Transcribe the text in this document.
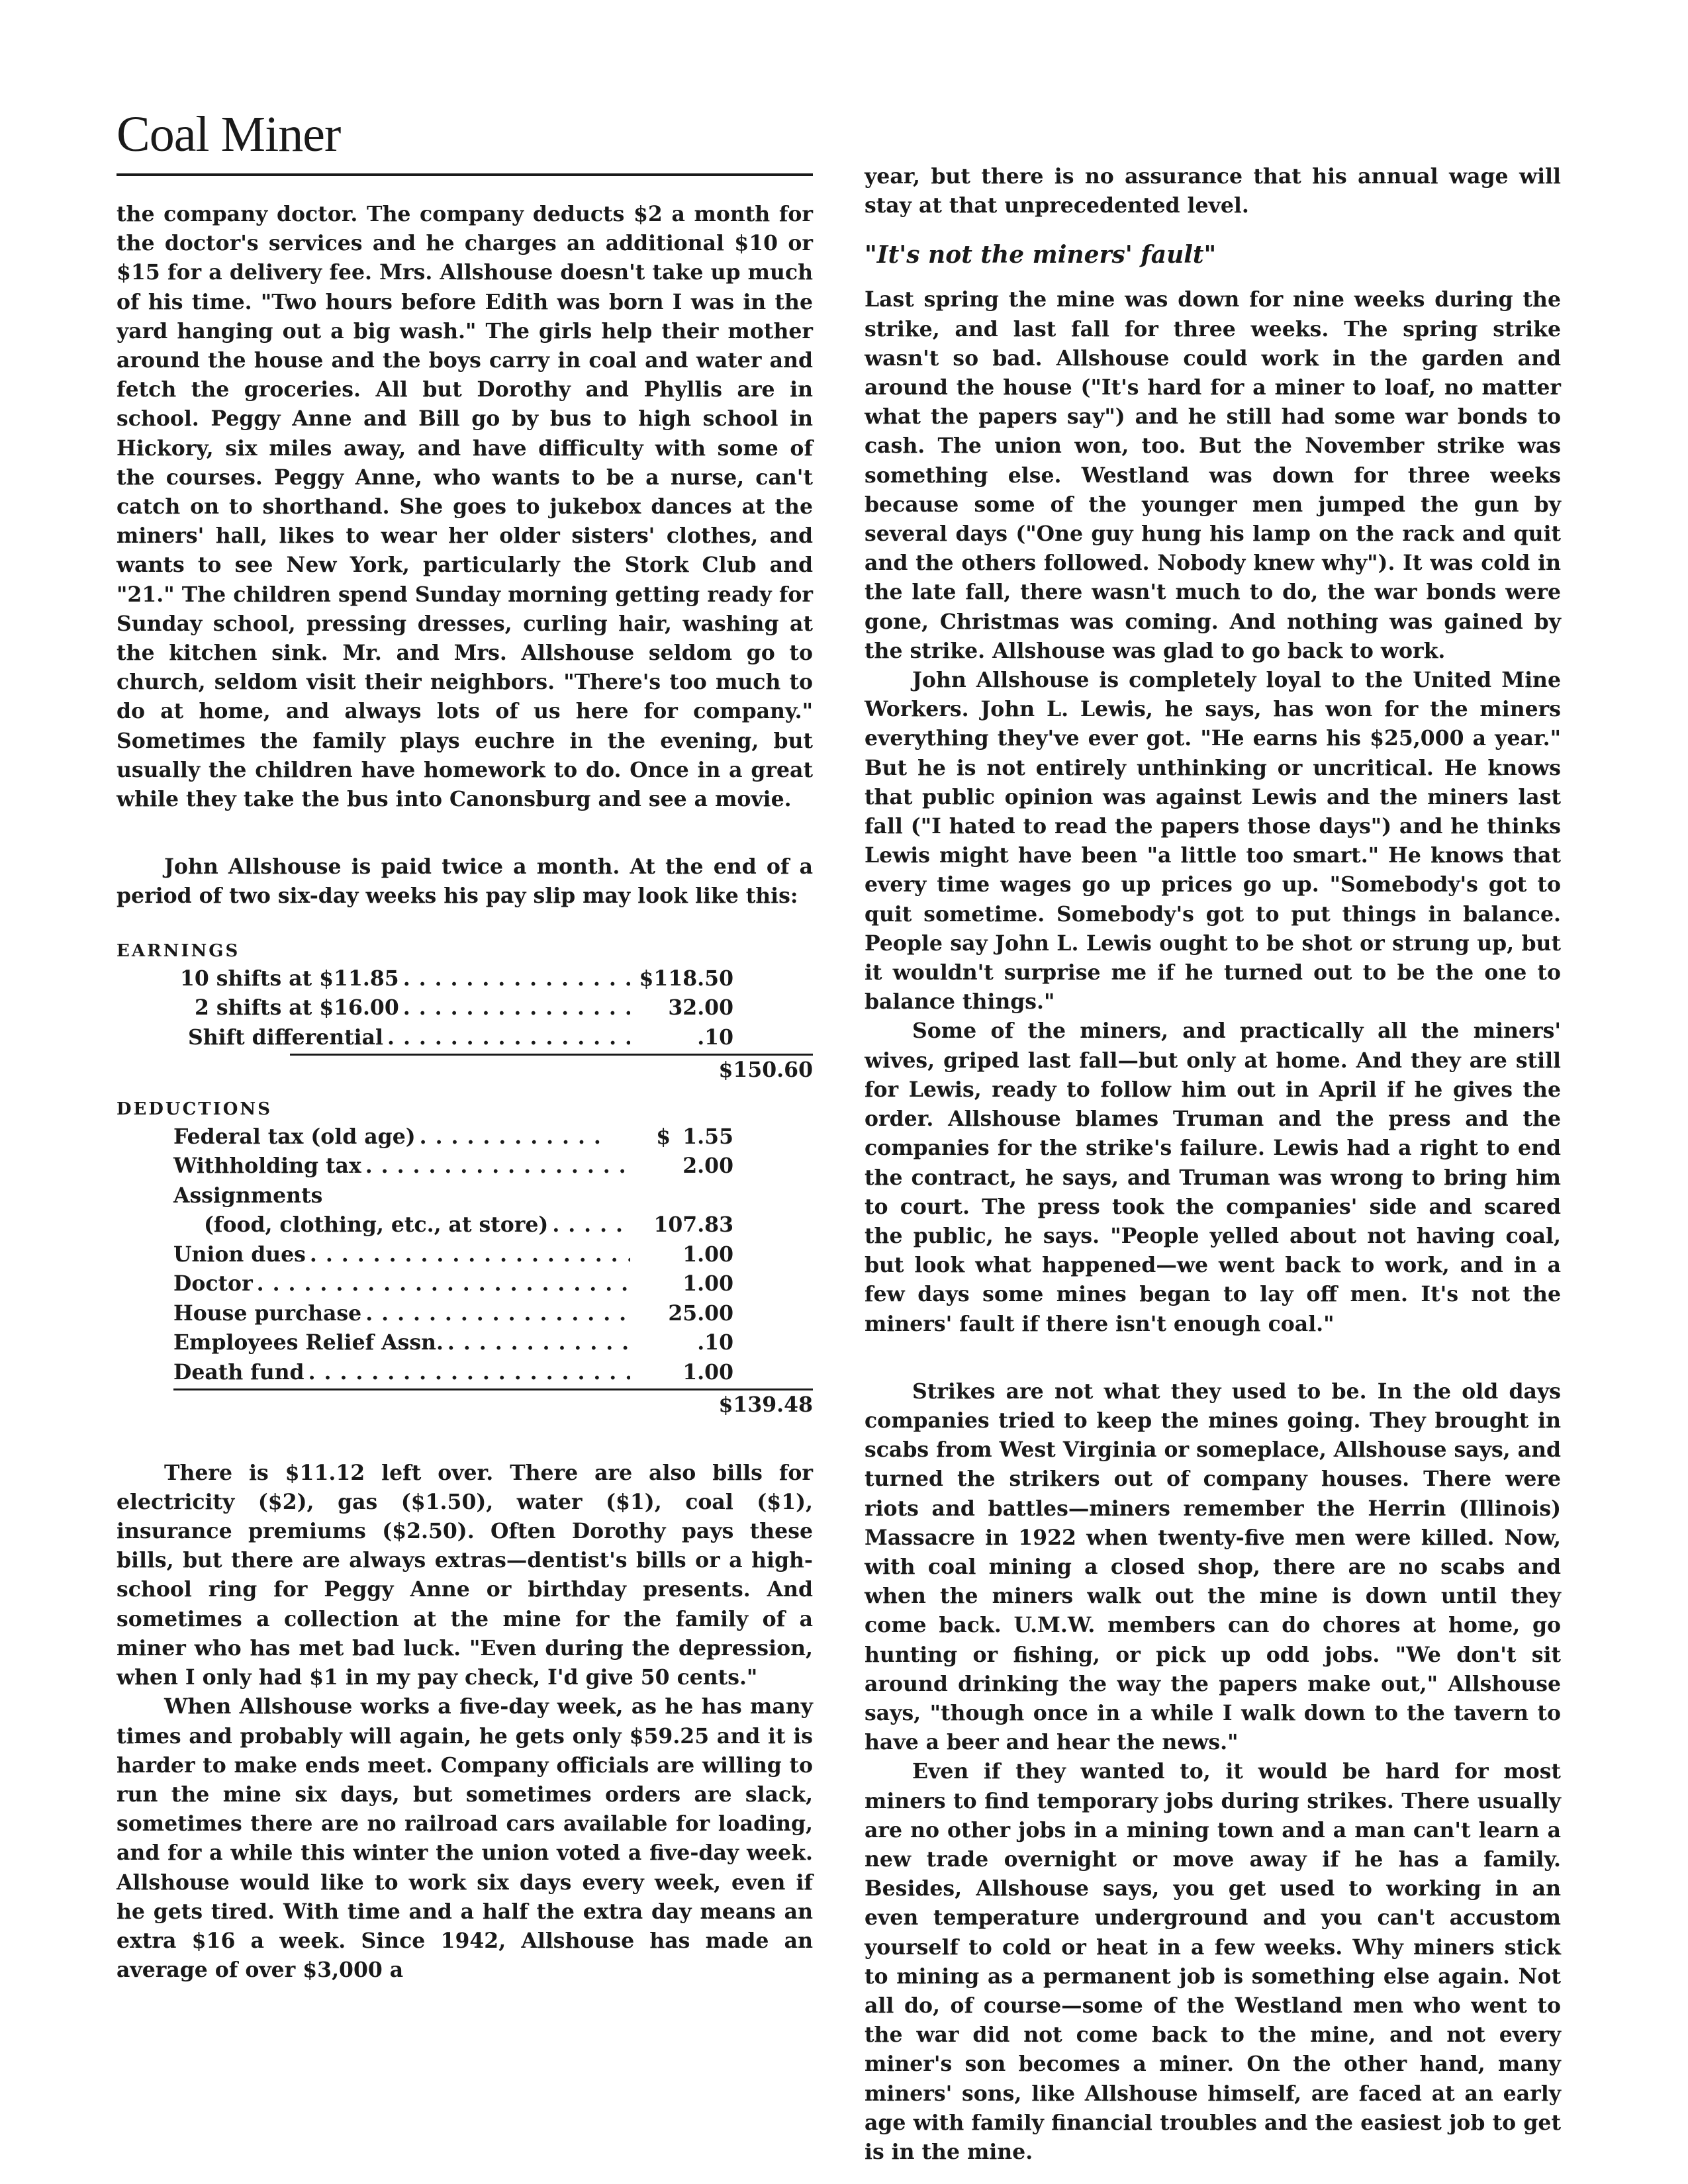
Coal Miner

the company doctor. The company deducts $2 a month for the doctor's services and he charges an additional $10 or $15 for a delivery fee. Mrs. Allshouse doesn't take up much of his time. "Two hours before Edith was born I was in the yard hanging out a big wash." The girls help their mother around the house and the boys carry in coal and water and fetch the groceries. All but Dorothy and Phyllis are in school. Peggy Anne and Bill go by bus to high school in Hickory, six miles away, and have difficulty with some of the courses. Peggy Anne, who wants to be a nurse, can't catch on to shorthand. She goes to jukebox dances at the miners' hall, likes to wear her older sisters' clothes, and wants to see New York, particularly the Stork Club and "21." The children spend Sunday morning getting ready for Sunday school, pressing dresses, curling hair, washing at the kitchen sink. Mr. and Mrs. Allshouse seldom go to church, seldom visit their neighbors. "There's too much to do at home, and always lots of us here for company." Sometimes the family plays euchre in the evening, but usually the children have homework to do. Once in a great while they take the bus into Canonsburg and see a movie.

John Allshouse is paid twice a month. At the end of a period of two six-day weeks his pay slip may look like this:

EARNINGS
10 shifts at $11.85 . . .	$118.50
2 shifts at $16.00 . . .	32.00
Shift differential . . .	.10
$150.60
DEDUCTIONS
Federal tax (old age) . . .	$ 1.55
Withholding tax . . .	2.00
Assignments
(food, clothing, etc., at store) . . .	107.83
Union dues . . .	1.00
Doctor . . .	1.00
House purchase . . .	25.00
Employees Relief Assn. . . .	.10
Death fund . . .	1.00
$139.48

There is $11.12 left over. There are also bills for electricity ($2), gas ($1.50), water ($1), coal ($1), insurance premiums ($2.50). Often Dorothy pays these bills, but there are always extras—dentist's bills or a high-school ring for Peggy Anne or birthday presents. And sometimes a collection at the mine for the family of a miner who has met bad luck. "Even during the depression, when I only had $1 in my pay check, I'd give 50 cents."

When Allshouse works a five-day week, as he has many times and probably will again, he gets only $59.25 and it is harder to make ends meet. Company officials are willing to run the mine six days, but sometimes orders are slack, sometimes there are no railroad cars available for loading, and for a while this winter the union voted a five-day week. Allshouse would like to work six days every week, even if he gets tired. With time and a half the extra day means an extra $16 a week. Since 1942, Allshouse has made an average of over $3,000 a

year, but there is no assurance that his annual wage will stay at that unprecedented level.

"It's not the miners' fault"

Last spring the mine was down for nine weeks during the strike, and last fall for three weeks. The spring strike wasn't so bad. Allshouse could work in the garden and around the house ("It's hard for a miner to loaf, no matter what the papers say") and he still had some war bonds to cash. The union won, too. But the November strike was something else. Westland was down for three weeks because some of the younger men jumped the gun by several days ("One guy hung his lamp on the rack and quit and the others followed. Nobody knew why"). It was cold in the late fall, there wasn't much to do, the war bonds were gone, Christmas was coming. And nothing was gained by the strike. Allshouse was glad to go back to work.

John Allshouse is completely loyal to the United Mine Workers. John L. Lewis, he says, has won for the miners everything they've ever got. "He earns his $25,000 a year." But he is not entirely unthinking or uncritical. He knows that public opinion was against Lewis and the miners last fall ("I hated to read the papers those days") and he thinks Lewis might have been "a little too smart." He knows that every time wages go up prices go up. "Somebody's got to quit sometime. Somebody's got to put things in balance. People say John L. Lewis ought to be shot or strung up, but it wouldn't surprise me if he turned out to be the one to balance things."

Some of the miners, and practically all the miners' wives, griped last fall—but only at home. And they are still for Lewis, ready to follow him out in April if he gives the order. Allshouse blames Truman and the press and the companies for the strike's failure. Lewis had a right to end the contract, he says, and Truman was wrong to bring him to court. The press took the companies' side and scared the public, he says. "People yelled about not having coal, but look what happened—we went back to work, and in a few days some mines began to lay off men. It's not the miners' fault if there isn't enough coal."

Strikes are not what they used to be. In the old days companies tried to keep the mines going. They brought in scabs from West Virginia or someplace, Allshouse says, and turned the strikers out of company houses. There were riots and battles—miners remember the Herrin (Illinois) Massacre in 1922 when twenty-five men were killed. Now, with coal mining a closed shop, there are no scabs and when the miners walk out the mine is down until they come back. U.M.W. members can do chores at home, go hunting or fishing, or pick up odd jobs. "We don't sit around drinking the way the papers make out," Allshouse says, "though once in a while I walk down to the tavern to have a beer and hear the news."

Even if they wanted to, it would be hard for most miners to find temporary jobs during strikes. There usually are no other jobs in a mining town and a man can't learn a new trade overnight or move away if he has a family. Besides, Allshouse says, you get used to working in an even temperature underground and you can't accustom yourself to cold or heat in a few weeks. Why miners stick to mining as a permanent job is something else again. Not all do, of course—some of the Westland men who went to the war did not come back to the mine, and not every miner's son becomes a miner. On the other hand, many miners' sons, like Allshouse himself, are faced at an early age with family financial troubles and the easiest job to get is in the mine.
